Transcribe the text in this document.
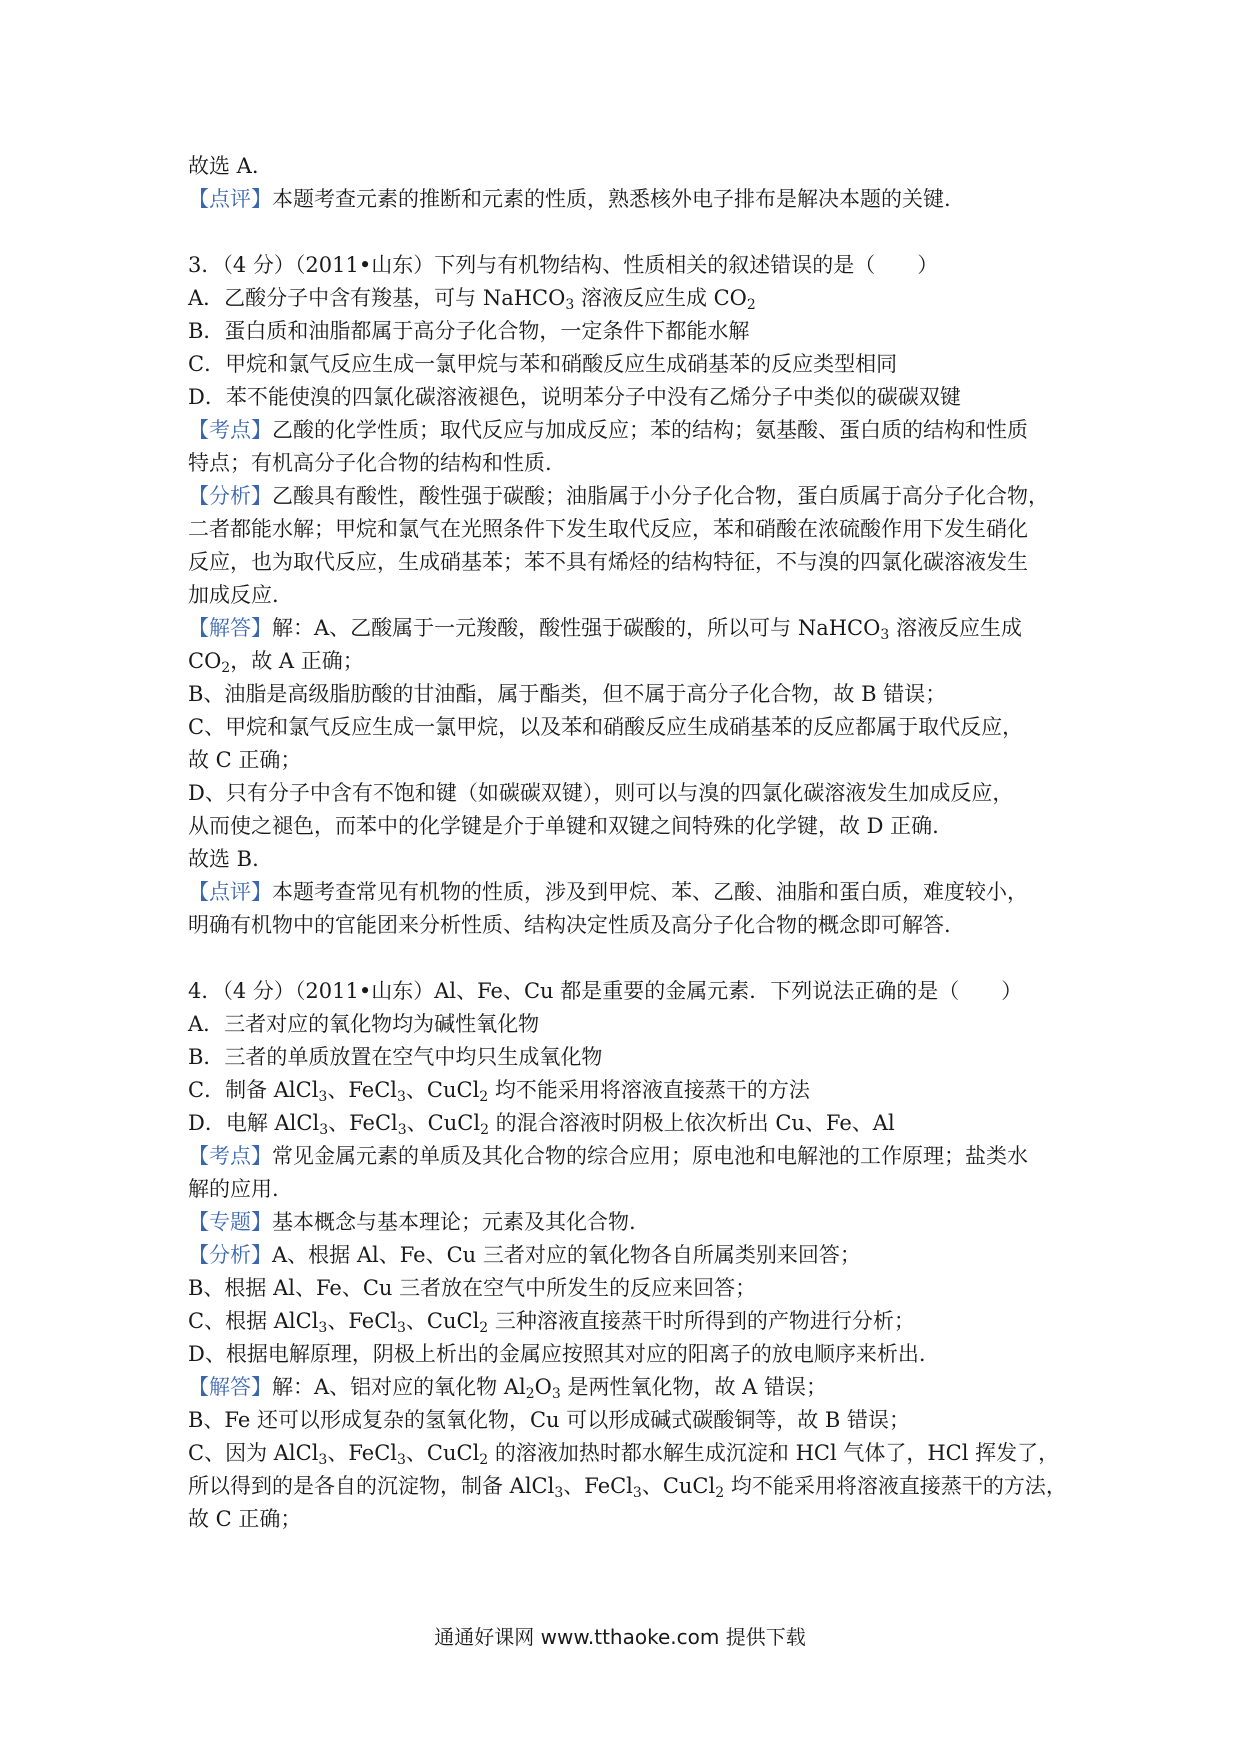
故选 A.
【点评】本题考查元素的推断和元素的性质，熟悉核外电子排布是解决本题的关键.
3．（4 分）（2011•山东）下列与有机物结构、性质相关的叙述错误的是（　　）
A．乙酸分子中含有羧基，可与 NaHCO$_3$ 溶液反应生成 $CO_2$
B．蛋白质和油脂都属于高分子化合物，一定条件下都能水解
C．甲烷和氯气反应生成一氯甲烷与苯和硝酸反应生成硝基苯的反应类型相同
D．苯不能使溴的四氯化碳溶液褪色，说明苯分子中没有乙烯分子中类似的碳碳双键
【考点】乙酸的化学性质；取代反应与加成反应；苯的结构；氨基酸、蛋白质的结构和性质
特点；有机高分子化合物的结构和性质.
【分析】乙酸具有酸性，酸性强于碳酸；油脂属于小分子化合物，蛋白质属于高分子化合物，
二者都能水解；甲烷和氯气在光照条件下发生取代反应，苯和硝酸在浓硫酸作用下发生硝化
反应，也为取代反应，生成硝基苯；苯不具有烯烃的结构特征，不与溴的四氯化碳溶液发生
加成反应.
【解答】解：A、乙酸属于一元羧酸，酸性强于碳酸的，所以可与 NaHCO$_3$ 溶液反应生成
$CO_2$，故 A 正确；
B、油脂是高级脂肪酸的甘油酯，属于酯类，但不属于高分子化合物，故 B 错误；
C、甲烷和氯气反应生成一氯甲烷，以及苯和硝酸反应生成硝基苯的反应都属于取代反应，
故 C 正确；
D、只有分子中含有不饱和键（如碳碳双键），则可以与溴的四氯化碳溶液发生加成反应，
从而使之褪色，而苯中的化学键是介于单键和双键之间特殊的化学键，故 D 正确.
故选 B.
【点评】本题考查常见有机物的性质，涉及到甲烷、苯、乙酸、油脂和蛋白质，难度较小，
明确有机物中的官能团来分析性质、结构决定性质及高分子化合物的概念即可解答.
4．（4 分）（2011•山东）Al、Fe、Cu 都是重要的金属元素．下列说法正确的是（　　）
A．三者对应的氧化物均为碱性氧化物
B．三者的单质放置在空气中均只生成氧化物
C．制备 AlCl$_3$、FeCl$_3$、CuCl$_2$ 均不能采用将溶液直接蒸干的方法
D．电解 AlCl$_3$、FeCl$_3$、CuCl$_2$ 的混合溶液时阴极上依次析出 Cu、Fe、Al
【考点】常见金属元素的单质及其化合物的综合应用；原电池和电解池的工作原理；盐类水
解的应用.
【专题】基本概念与基本理论；元素及其化合物.
【分析】A、根据 Al、Fe、Cu 三者对应的氧化物各自所属类别来回答；
B、根据 Al、Fe、Cu 三者放在空气中所发生的反应来回答；
C、根据 AlCl$_3$、FeCl$_3$、CuCl$_2$ 三种溶液直接蒸干时所得到的产物进行分析；
D、根据电解原理，阴极上析出的金属应按照其对应的阳离子的放电顺序来析出.
【解答】解：A、铝对应的氧化物 $Al_2O_3$ 是两性氧化物，故 A 错误；
B、Fe 还可以形成复杂的氢氧化物，Cu 可以形成碱式碳酸铜等，故 B 错误；
C、因为 AlCl$_3$、FeCl$_3$、CuCl$_2$ 的溶液加热时都水解生成沉淀和 HCl 气体了，HCl 挥发了，
所以得到的是各自的沉淀物，制备 AlCl$_3$、FeCl$_3$、CuCl$_2$ 均不能采用将溶液直接蒸干的方法，
故 C 正确；
通通好课网 www.tthaoke.com 提供下载
